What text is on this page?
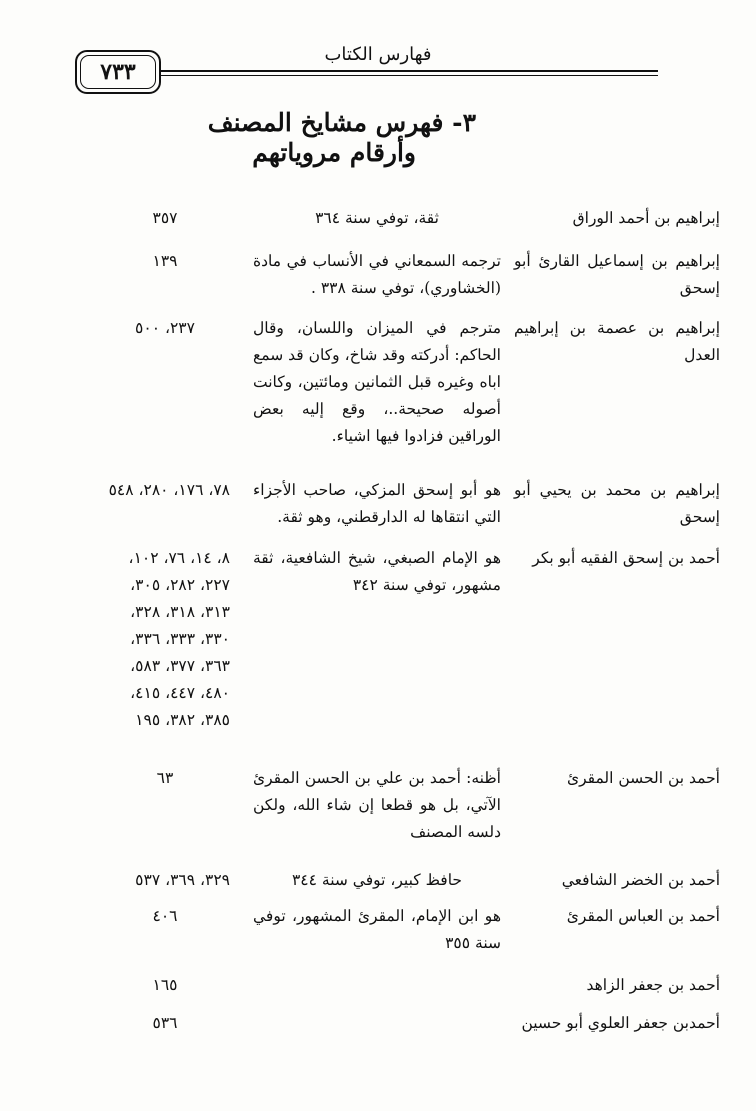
فهارس الكتاب
٧٣٣
٣- فهرس مشايخ المصنف
وأرقام مروياتهم
إبراهيم بن أحمد الوراق
ثقة، توفي سنة ٣٦٤
٣٥٧
إبراهيم بن إسماعيل القارئ أبو إسحق
ترجمه السمعاني في الأنساب في مادة (الخشاوري)، توفي سنة ٣٣٨ .
١٣٩
إبراهيم بن عصمة بن إبراهيم العدل
مترجم في الميزان واللسان، وقال الحاكم: أدركته وقد شاخ، وكان قد سمع اباه وغيره قبل الثمانين ومائتين، وكانت أصوله صحيحة..، وقع إليه بعض الوراقين فزادوا فيها اشياء.
٢٣٧، ٥٠٠
إبراهيم بن محمد بن يحيي أبو إسحق
هو أبو إسحق المزكي، صاحب الأجزاء التي انتقاها له الدارقطني، وهو ثقة.
٧٨، ١٧٦، ٢٨٠، ٥٤٨
أحمد بن إسحق الفقيه أبو بكر
هو الإمام الصبغي، شيخ الشافعية، ثقة مشهور، توفي سنة ٣٤٢
٨، ١٤، ٧٦، ١٠٢، ٢٢٧، ٢٨٢، ٣٠٥، ٣١٣، ٣١٨، ٣٢٨، ٣٣٠، ٣٣٣، ٣٣٦، ٣٦٣، ٣٧٧، ٥٨٣، ٤٨٠، ٤٤٧، ٤١٥، ٣٨٥، ٣٨٢، ١٩٥
أحمد بن الحسن المقرئ
أظنه: أحمد بن علي بن الحسن المقرئ الآتي، بل هو قطعا إن شاء الله، ولكن دلسه المصنف
٦٣
أحمد بن الخضر الشافعي
حافظ كبير، توفي سنة ٣٤٤
٣٢٩، ٣٦٩، ٥٣٧
أحمد بن العباس المقرئ
هو ابن الإمام، المقرئ المشهور، توفي سنة ٣٥٥
٤٠٦
أحمد بن جعفر الزاهد
١٦٥
أحمدبن جعفر العلوي أبو حسين
٥٣٦
